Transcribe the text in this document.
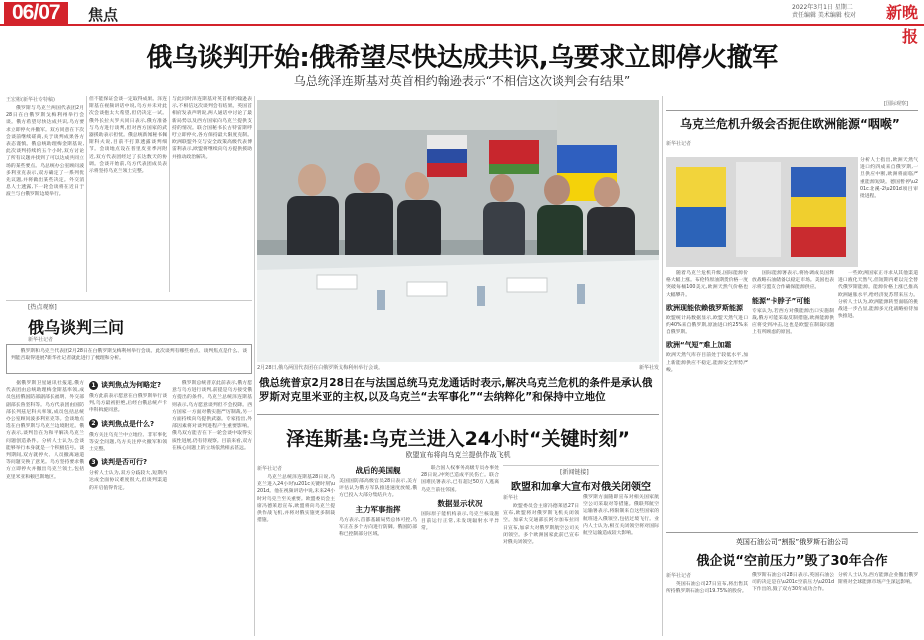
06/07	焦点	2022年3月1日 星期二
责任编辑 美术编辑 校对	新晚报
俄乌谈判开始:俄希望尽快达成共识,乌要求立即停火撤军
乌总统泽连斯基对英首相约翰逊表示“不相信这次谈判会有结果”
王宏彬(新华社专特稿)
　　俄罗斯与乌克兰两国代表团2月28日在白俄罗斯戈梅利州举行会谈。俄方希望尽快达成共识,乌方要求立即停火并撤军。双方同意在下次会谈前继续磋商,关于谈判成果各方表态谨慎。俄总统助理梅金斯基说,此次谈判持续约五个小时,双方讨论了所有议题并找到了可以达成共同立场的某些要点。乌总统办公室顾问波多利亚克表示,双方确定了一系列优先议题,并将做出某些决定。外交消息人士透露,下一轮会谈将在近日于波兰与白俄罗斯边境举行。
但不能保证会谈一定取得成果。泽连斯基在视频讲话中说,乌方并未对此次会谈抱太大希望,但仍决定一试。俄外长拉夫罗夫同日表示,俄方准备与乌方进行谈判,但对西方国家的武器援助表示担忧。俄总统新闻秘书佩斯科夫说,目前不打算透露谈判细节。会谈地点设在普里皮亚季河附近,双方代表团经过了长达数天的协调。会谈开始前,乌方代表团成员表示将坚持乌克兰领土完整。
与此同时泽连斯基对英首相约翰逊表示,不相信这次谈判会有结果。英国首相府发表声明说,两人通话中讨论了最新局势以及西方国家向乌克兰提供支持的情况。联合国秘书长古特雷斯呼吁立即停火,各方保持最大限度克制。欧洲联盟外交与安全政策高级代表博雷利表示,欧盟将继续向乌方提供援助并推动政治解决。
[热点观察]
俄乌谈判三问
新华社记者
　　俄罗斯和乌克兰代表团2月28日在白俄罗斯戈梅利州举行会谈。此次谈判有哪些看点、谈判焦点是什么、谈判能否取得进展?新华社记者就此进行了梳理和分析。
　　据俄罗斯卫星通讯社报道,俄方代表团由总统助理梅金斯基率领,成员包括俄国防部副部长福明、外交部副部长鲁坚科等。乌方代表团由国防部长列兹尼科夫率领,成员包括总统办公室顾问波多利亚克等。会谈地点选在白俄罗斯与乌克兰边境附近。俄方表示,谈判旨在为和平解决乌克兰问题创造条件。分析人士认为,会谈能够举行本身就是一个积极信号。谈判期间,双方就停火、人员撤离通道等问题交换了意见。乌方坚持要求俄方立即停火并撤出乌克兰领土,包括克里米亚和顿巴斯地区。
1 谈判焦点为何略定?
俄方此前表示愿意在白俄罗斯举行谈判,乌方最初拒绝,后经白俄总统卢卡申科斡旋同意。
2 谈判焦点是什么?
俄方关注乌克兰中立地位、非军事化等安全问题,乌方关注停火撤军和领土完整。
3 谈判是否可行?
分析人士认为,双方分歧较大,短期内达成全面协议难度很大,但谈判渠道的开启值得肯定。
　　俄罗斯总统普京此前表示,俄方愿意与乌方进行谈判,前提是乌方接受俄方提出的条件。乌克兰总统泽连斯基则表示,乌方愿意谈判但不会投降。西方国家一方面对俄实施严厉制裁,另一方面持续向乌提供武器。专家指出,外部因素将对谈判进程产生重要影响。俄乌双方能否在下一轮会谈中取得实质性进展,仍有待观察。目前来看,双方在核心问题上的立场依然相去甚远。
2月28日,俄乌两国代表团在白俄罗斯戈梅利州举行会谈。	新华社发
俄总统普京2月28日在与法国总统马克龙通话时表示,解决乌克兰危机的条件是承认俄罗斯对克里米亚的主权,以及乌克兰“去军事化”“去纳粹化”和保持中立地位
泽连斯基:乌克兰进入24小时“关键时刻”
欧盟宣布将向乌克兰提供作战飞机
新华社记者
　　乌克兰总统泽连斯基28日说,乌克兰进入24小时\u201c关键时刻\u201d。他在视频讲话中说,未来24小时对乌克兰至关重要。欧盟委员会主席冯德莱恩宣布,欧盟将向乌克兰提供作战飞机,并将对俄实施更多制裁措施。
战后的美国舰
美国国防部高级官员28日表示,美方评估认为俄方军队推进速度放缓,俄方已投入大部分集结兵力。
主力军事指挥
乌方表示,首都基辅局势总体可控,乌军正在多个方向进行防御。俄国防部称已控制部分区域。
　　联合国人权事务高级专员办事处28日说,冲突已造成平民伤亡。联合国难民署表示,已有超过50万人逃离乌克兰前往邻国。
数据显示状况
国际原子能机构表示,乌克兰核设施目前运行正常,未发现辐射水平异常。
[新闻链接]
欧盟和加拿大宣布对俄关闭领空
新华社
　　欧盟委员会主席冯德莱恩27日宣布,欧盟将对俄罗斯飞机关闭领空。加拿大交通部长阿尔加布拉同日宣布,加拿大对俄罗斯航空公司关闭领空。多个欧洲国家此前已宣布对俄关闭领空。
俄罗斯方面随即宣布对相关国家航空公司采取对等措施。俄联邦航空运输署表示,将限制来自这些国家的航班进入俄领空,包括过境飞行。业内人士认为,相互关闭领空将对国际航空运输造成较大影响。
[国际观察]
乌克兰危机升级会否扼住欧洲能源“咽喉”
新华社记者
分析人士指出,欧洲天然气进口约四成来自俄罗斯,一旦供应中断,欧洲将面临严重能源短缺。德国暂停\u201c北溪-2\u201d项目审批进程。
　　随着乌克兰危机升级,国际能源价格大幅上涨。布伦特原油期货价格一度突破每桶100美元,欧洲天然气价格也大幅攀升。
欧洲现能依赖俄罗斯能源
欧盟统计局数据显示,欧盟天然气进口约40%来自俄罗斯,原油进口约25%来自俄罗斯。
欧洲“气短”难上加霜
欧洲天然气库存目前处于较低水平,加上新能源供应不稳定,能源安全形势严峻。
　　国际能源署表示,将协调成员国释放战略石油储备以稳定市场。美国也表示将与盟友合作确保能源供应。
能源“卡脖子”可能
专家认为,若西方对俄能源出口实施制裁,俄方可能采取反制措施,欧洲能源供应将受到冲击,这也是欧盟在制裁问题上有所顾虑的原因。
　　一些欧洲国家正寻求从其他渠道进口液化天然气,但短期内难以完全替代俄罗斯能源。能源价格上涨已推高欧洲通胀水平,给经济复苏带来压力。分析人士认为,欧洲能源转型面临的挑战进一步凸显,能源多元化战略亟待加快推进。
英国石油公司“割报”俄罗斯石油公司
俄企说“空前压力”毁了30年合作
新华社记者
　　英国石油公司27日宣布,将出售其所持俄罗斯石油公司19.75%的股份。
俄罗斯石油公司28日表示,英国石油公司的决定是在\u201c空前压力\u201d下作出的,毁了双方30年成功合作。
分析人士认为,西方能源企业撤出俄罗斯将对全球能源市场产生深远影响。
